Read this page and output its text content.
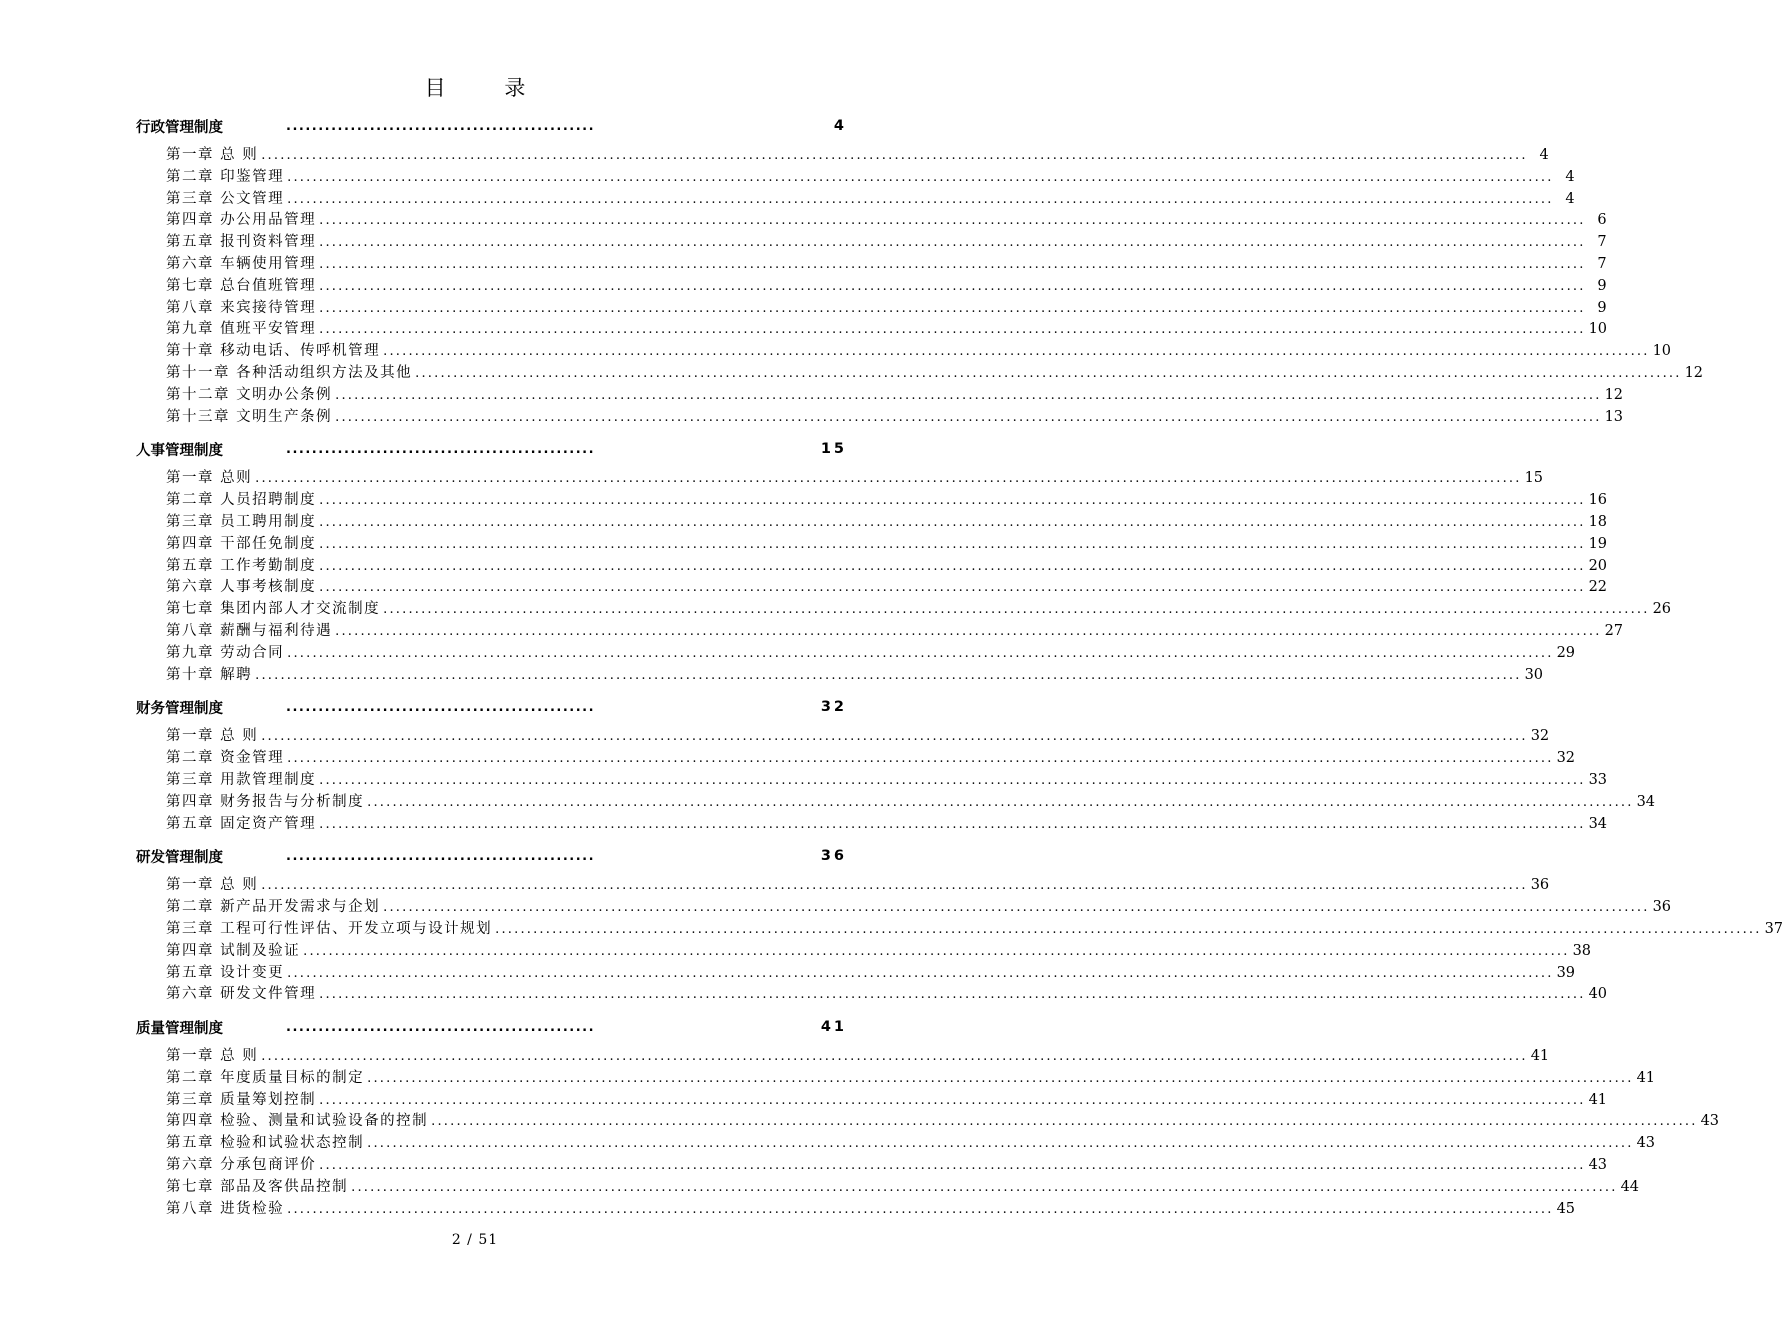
目 录
行政管理制度	................................................	4
第一章 总 则 ........................................................................................................................................................................................................ 4
第二章 印鉴管理 ........................................................................................................................................................................................................ 4
第三章 公文管理 ........................................................................................................................................................................................................ 4
第四章 办公用品管理 ........................................................................................................................................................................................................ 6
第五章 报刊资料管理 ........................................................................................................................................................................................................ 7
第六章 车辆使用管理 ........................................................................................................................................................................................................ 7
第七章 总台值班管理 ........................................................................................................................................................................................................ 9
第八章 来宾接待管理 ........................................................................................................................................................................................................ 9
第九章 值班平安管理 ........................................................................................................................................................................................................ 10
第十章 移动电话、传呼机管理 ........................................................................................................................................................................................................ 10
第十一章 各种活动组织方法及其他 ........................................................................................................................................................................................................ 12
第十二章 文明办公条例 ........................................................................................................................................................................................................ 12
第十三章 文明生产条例 ........................................................................................................................................................................................................ 13
人事管理制度	................................................	15
第一章 总则 ........................................................................................................................................................................................................ 15
第二章 人员招聘制度 ........................................................................................................................................................................................................ 16
第三章 员工聘用制度 ........................................................................................................................................................................................................ 18
第四章 干部任免制度 ........................................................................................................................................................................................................ 19
第五章 工作考勤制度 ........................................................................................................................................................................................................ 20
第六章 人事考核制度 ........................................................................................................................................................................................................ 22
第七章 集团内部人才交流制度 ........................................................................................................................................................................................................ 26
第八章 薪酬与福利待遇 ........................................................................................................................................................................................................ 27
第九章 劳动合同 ........................................................................................................................................................................................................ 29
第十章 解聘 ........................................................................................................................................................................................................ 30
财务管理制度	................................................	32
第一章 总 则 ........................................................................................................................................................................................................ 32
第二章 资金管理 ........................................................................................................................................................................................................ 32
第三章 用款管理制度 ........................................................................................................................................................................................................ 33
第四章 财务报告与分析制度 ........................................................................................................................................................................................................ 34
第五章 固定资产管理 ........................................................................................................................................................................................................ 34
研发管理制度	................................................	36
第一章 总 则 ........................................................................................................................................................................................................ 36
第二章 新产品开发需求与企划 ........................................................................................................................................................................................................ 36
第三章 工程可行性评估、开发立项与设计规划 ........................................................................................................................................................................................................ 37
第四章 试制及验证 ........................................................................................................................................................................................................ 38
第五章 设计变更 ........................................................................................................................................................................................................ 39
第六章 研发文件管理 ........................................................................................................................................................................................................ 40
质量管理制度	................................................	41
第一章 总 则 ........................................................................................................................................................................................................ 41
第二章 年度质量目标的制定 ........................................................................................................................................................................................................ 41
第三章 质量筹划控制 ........................................................................................................................................................................................................ 41
第四章 检验、测量和试验设备的控制 ........................................................................................................................................................................................................ 43
第五章 检验和试验状态控制 ........................................................................................................................................................................................................ 43
第六章 分承包商评价 ........................................................................................................................................................................................................ 43
第七章 部品及客供品控制 ........................................................................................................................................................................................................ 44
第八章 进货检验 ........................................................................................................................................................................................................ 45
2 / 51
